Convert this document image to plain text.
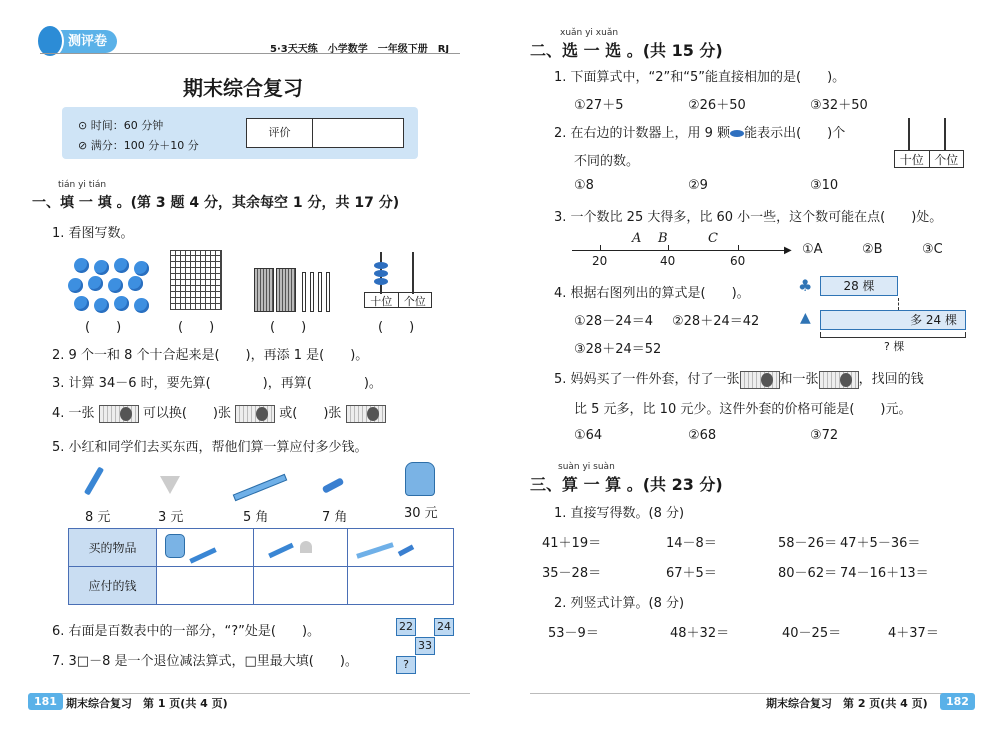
测评卷
5·3天天练　小学数学　一年级下册　RJ
期末综合复习
⊙ 时间：60 分钟
⊘ 满分：100 分＋10 分
评价
tián yi tián
一、填 一 填 。(第 3 题 4 分，其余每空 1 分，共 17 分)
1. 看图写数。
十位	个位
(　　)	(　　)	(　　)	(　　)
2. 9 个一和 8 个十合起来是(　　)，再添 1 是(　　)。
3. 计算 34－6 时，要先算(　　　　)，再算(　　　　)。
4. 一张	可以换(　　)张	或(　　)张
5. 小红和同学们去买东西，帮他们算一算应付多少钱。
8 元	3 元	5 角	7 角	30 元
买的物品			
应付的钱			
6. 右面是百数表中的一部分，“?”处是(　　)。	22 24
33
?
7. 3□－8 是一个退位减法算式，□里最大填(　　)。
181 期末综合复习　第 1 页(共 4 页)
xuǎn yi xuǎn
二、选 一 选 。(共 15 分)
1. 下面算式中，“2”和“5”能直接相加的是(　　)。
①27＋5	②26＋50	③32＋50
2. 在右边的计数器上，用 9 颗 能表示出(　　)个
不同的数。	十位 个位
①8	②9	③10
3. 一个数比 25 大得多，比 60 小一些，这个数可能在点(　　)处。
▶
20	40	60
A B	C
①A	②B	③C
4. 根据右图列出的算式是(　　)。
①28－24＝4 ②28＋24＝42
③28＋24＝52
♣	28 棵
▲	多 24 棵
? 棵
5. 妈妈买了一件外套，付了一张	和一张	，找回的钱
比 5 元多，比 10 元少。这件外套的价格可能是(　　)元。
①64	②68	③72
suàn yi suàn
三、算 一 算 。(共 23 分)
1. 直接写得数。(8 分)
41＋19＝	14－8＝	58－26＝ 47＋5－36＝
35－28＝	67＋5＝	80－62＝ 74－16＋13＝
2. 列竖式计算。(8 分)
53－9＝	48＋32＝	40－25＝	4＋37＝
期末综合复习　第 2 页(共 4 页)	182
